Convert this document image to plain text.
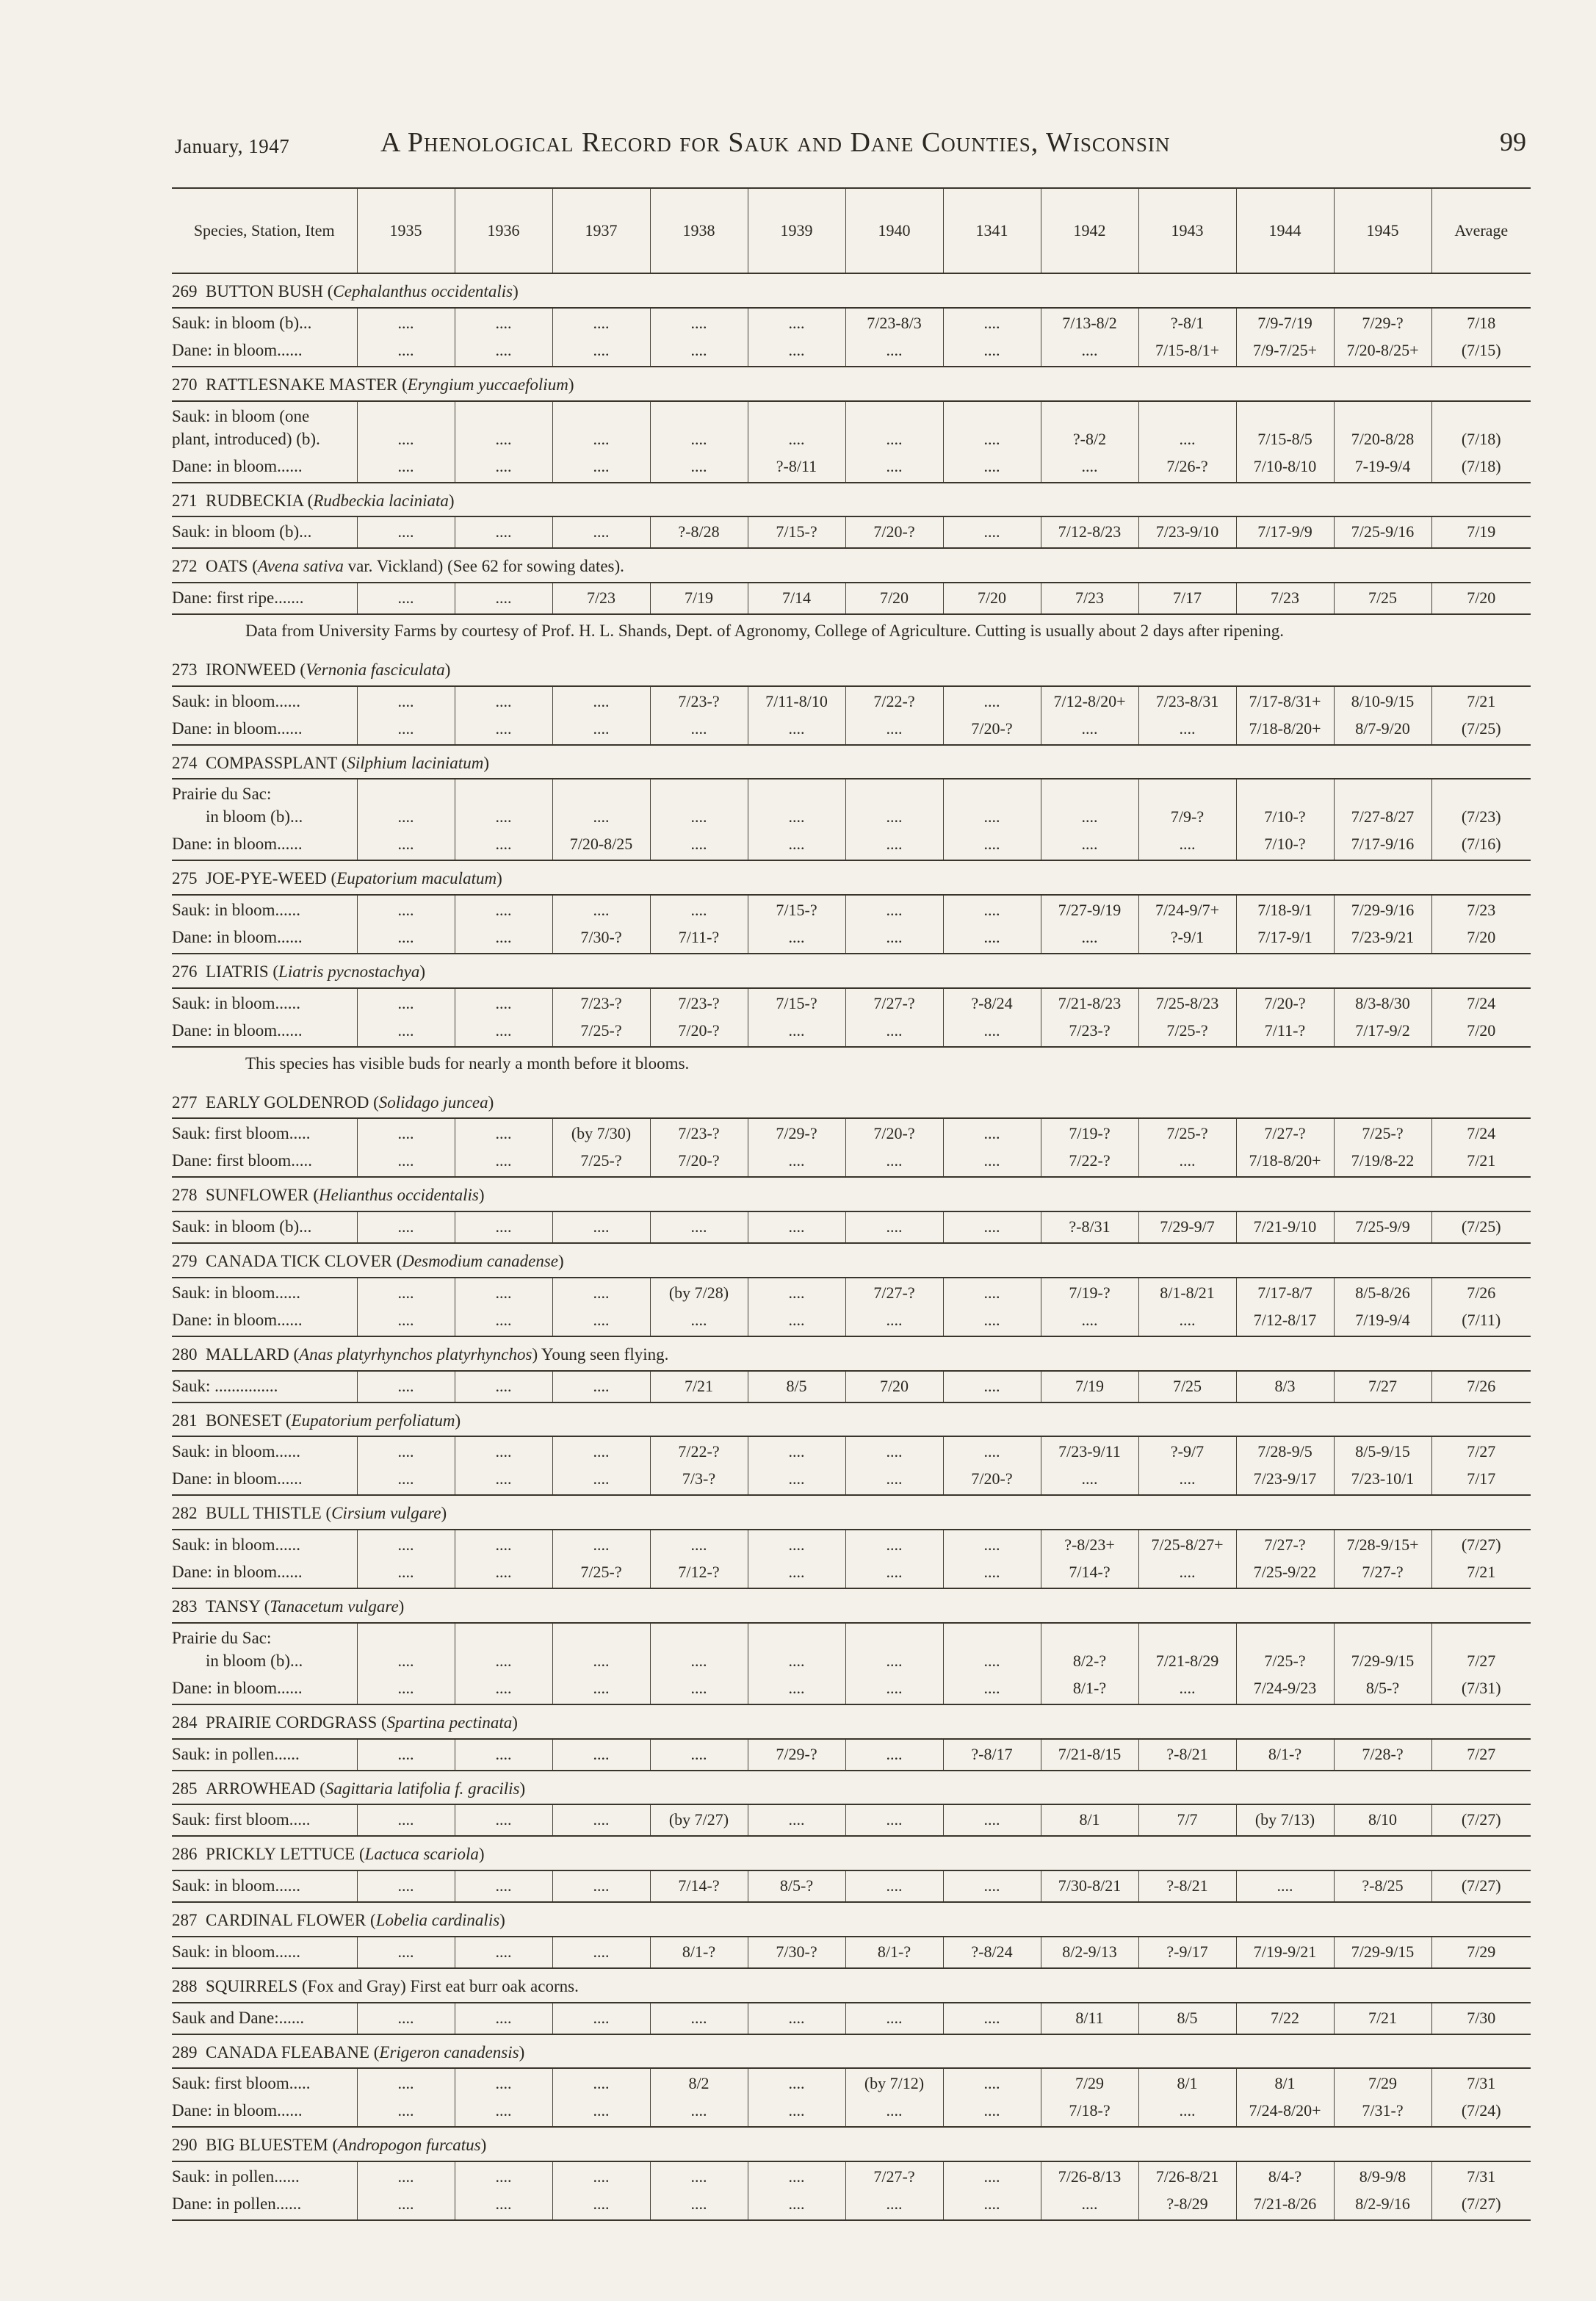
January, 1947	A Phenological Record for Sauk and Dane Counties, Wisconsin	99
Species, Station, Item	1935	1936	1937	1938	1939	1940	1341	1942	1943	1944	1945	Average
269 BUTTON BUSH (Cephalanthus occidentalis)												

Sauk: in bloom (b)...	....	....	....	....	....	7/23-8/3	....	7/13-8/2	?-8/1	7/9-7/19	7/29-?	7/18

Dane: in bloom......	....	....	....	....	....	....	....	....	7/15-8/1+	7/9-7/25+	7/20-8/25+	(7/15)

270 RATTLESNAKE MASTER (Eryngium yuccaefolium)												

Sauk: in bloom (one
plant, introduced) (b).	....	....	....	....	....	....	....	?-8/2	....	7/15-8/5	7/20-8/28	(7/18)

Dane: in bloom......	....	....	....	....	?-8/11	....	....	....	7/26-?	7/10-8/10	7-19-9/4	(7/18)

271 RUDBECKIA (Rudbeckia laciniata)												

Sauk: in bloom (b)...	....	....	....	?-8/28	7/15-?	7/20-?	....	7/12-8/23	7/23-9/10	7/17-9/9	7/25-9/16	7/19

272 OATS (Avena sativa var. Vickland) (See 62 for sowing dates).												

Dane: first ripe.......	....	....	7/23	7/19	7/14	7/20	7/20	7/23	7/17	7/23	7/25	7/20

Data from University Farms by courtesy of Prof. H. L. Shands, Dept. of Agronomy, College of Agriculture. Cutting is usually about 2 days after ripening.												
273 IRONWEED (Vernonia fasciculata)												

Sauk: in bloom......	....	....	....	7/23-?	7/11-8/10	7/22-?	....	7/12-8/20+	7/23-8/31	7/17-8/31+	8/10-9/15	7/21

Dane: in bloom......	....	....	....	....	....	....	7/20-?	....	....	7/18-8/20+	8/7-9/20	(7/25)

274 COMPASSPLANT (Silphium laciniatum)												

Prairie du Sac:
in bloom (b)...	....	....	....	....	....	....	....	....	7/9-?	7/10-?	7/27-8/27	(7/23)

Dane: in bloom......	....	....	7/20-8/25	....	....	....	....	....	....	7/10-?	7/17-9/16	(7/16)

275 JOE-PYE-WEED (Eupatorium maculatum)												

Sauk: in bloom......	....	....	....	....	7/15-?	....	....	7/27-9/19	7/24-9/7+	7/18-9/1	7/29-9/16	7/23

Dane: in bloom......	....	....	7/30-?	7/11-?	....	....	....	....	?-9/1	7/17-9/1	7/23-9/21	7/20

276 LIATRIS (Liatris pycnostachya)												

Sauk: in bloom......	....	....	7/23-?	7/23-?	7/15-?	7/27-?	?-8/24	7/21-8/23	7/25-8/23	7/20-?	8/3-8/30	7/24

Dane: in bloom......	....	....	7/25-?	7/20-?	....	....	....	7/23-?	7/25-?	7/11-?	7/17-9/2	7/20

This species has visible buds for nearly a month before it blooms.												
277 EARLY GOLDENROD (Solidago juncea)												

Sauk: first bloom.....	....	....	(by 7/30)	7/23-?	7/29-?	7/20-?	....	7/19-?	7/25-?	7/27-?	7/25-?	7/24

Dane: first bloom.....	....	....	7/25-?	7/20-?	....	....	....	7/22-?	....	7/18-8/20+	7/19/8-22	7/21

278 SUNFLOWER (Helianthus occidentalis)												

Sauk: in bloom (b)...	....	....	....	....	....	....	....	?-8/31	7/29-9/7	7/21-9/10	7/25-9/9	(7/25)

279 CANADA TICK CLOVER (Desmodium canadense)												

Sauk: in bloom......	....	....	....	(by 7/28)	....	7/27-?	....	7/19-?	8/1-8/21	7/17-8/7	8/5-8/26	7/26

Dane: in bloom......	....	....	....	....	....	....	....	....	....	7/12-8/17	7/19-9/4	(7/11)

280 MALLARD (Anas platyrhynchos platyrhynchos) Young seen flying.												

Sauk: ...............	....	....	....	7/21	8/5	7/20	....	7/19	7/25	8/3	7/27	7/26

281 BONESET (Eupatorium perfoliatum)												

Sauk: in bloom......	....	....	....	7/22-?	....	....	....	7/23-9/11	?-9/7	7/28-9/5	8/5-9/15	7/27

Dane: in bloom......	....	....	....	7/3-?	....	....	7/20-?	....	....	7/23-9/17	7/23-10/1	7/17

282 BULL THISTLE (Cirsium vulgare)												

Sauk: in bloom......	....	....	....	....	....	....	....	?-8/23+	7/25-8/27+	7/27-?	7/28-9/15+	(7/27)

Dane: in bloom......	....	....	7/25-?	7/12-?	....	....	....	7/14-?	....	7/25-9/22	7/27-?	7/21

283 TANSY (Tanacetum vulgare)												

Prairie du Sac:
in bloom (b)...	....	....	....	....	....	....	....	8/2-?	7/21-8/29	7/25-?	7/29-9/15	7/27

Dane: in bloom......	....	....	....	....	....	....	....	8/1-?	....	7/24-9/23	8/5-?	(7/31)

284 PRAIRIE CORDGRASS (Spartina pectinata)												

Sauk: in pollen......	....	....	....	....	7/29-?	....	?-8/17	7/21-8/15	?-8/21	8/1-?	7/28-?	7/27

285 ARROWHEAD (Sagittaria latifolia f. gracilis)												

Sauk: first bloom.....	....	....	....	(by 7/27)	....	....	....	8/1	7/7	(by 7/13)	8/10	(7/27)

286 PRICKLY LETTUCE (Lactuca scariola)												

Sauk: in bloom......	....	....	....	7/14-?	8/5-?	....	....	7/30-8/21	?-8/21	....	?-8/25	(7/27)

287 CARDINAL FLOWER (Lobelia cardinalis)												

Sauk: in bloom......	....	....	....	8/1-?	7/30-?	8/1-?	?-8/24	8/2-9/13	?-9/17	7/19-9/21	7/29-9/15	7/29

288 SQUIRRELS (Fox and Gray) First eat burr oak acorns.												

Sauk and Dane:......	....	....	....	....	....	....	....	8/11	8/5	7/22	7/21	7/30

289 CANADA FLEABANE (Erigeron canadensis)												

Sauk: first bloom.....	....	....	....	8/2	....	(by 7/12)	....	7/29	8/1	8/1	7/29	7/31

Dane: in bloom......	....	....	....	....	....	....	....	7/18-?	....	7/24-8/20+	7/31-?	(7/24)

290 BIG BLUESTEM (Andropogon furcatus)												

Sauk: in pollen......	....	....	....	....	....	7/27-?	....	7/26-8/13	7/26-8/21	8/4-?	8/9-9/8	7/31

Dane: in pollen......	....	....	....	....	....	....	....	....	?-8/29	7/21-8/26	8/2-9/16	(7/27)
